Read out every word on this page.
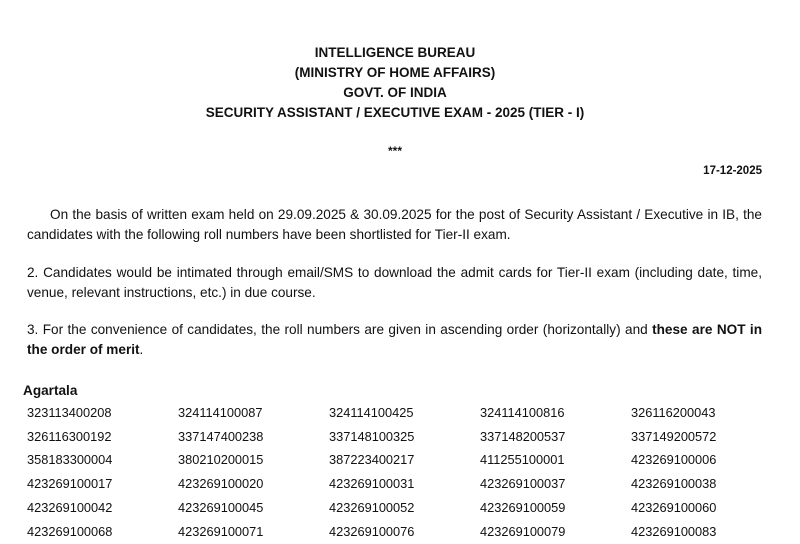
INTELLIGENCE BUREAU
(MINISTRY OF HOME AFFAIRS)
GOVT. OF INDIA
SECURITY ASSISTANT / EXECUTIVE EXAM - 2025 (TIER - I)
***
17-12-2025
On the basis of written exam held on 29.09.2025 & 30.09.2025 for the post of Security Assistant / Executive in IB, the candidates with the following roll numbers have been shortlisted for Tier-II exam.
2. Candidates would be intimated through email/SMS to download the admit cards for Tier-II exam (including date, time, venue, relevant instructions, etc.) in due course.
3. For the convenience of candidates, the roll numbers are given in ascending order (horizontally) and these are NOT in the order of merit.
Agartala
323113400208	324114100087	324114100425	324114100816	326116200043
326116300192	337147400238	337148100325	337148200537	337149200572
358183300004	380210200015	387223400217	411255100001	423269100006
423269100017	423269100020	423269100031	423269100037	423269100038
423269100042	423269100045	423269100052	423269100059	423269100060
423269100068	423269100071	423269100076	423269100079	423269100083
